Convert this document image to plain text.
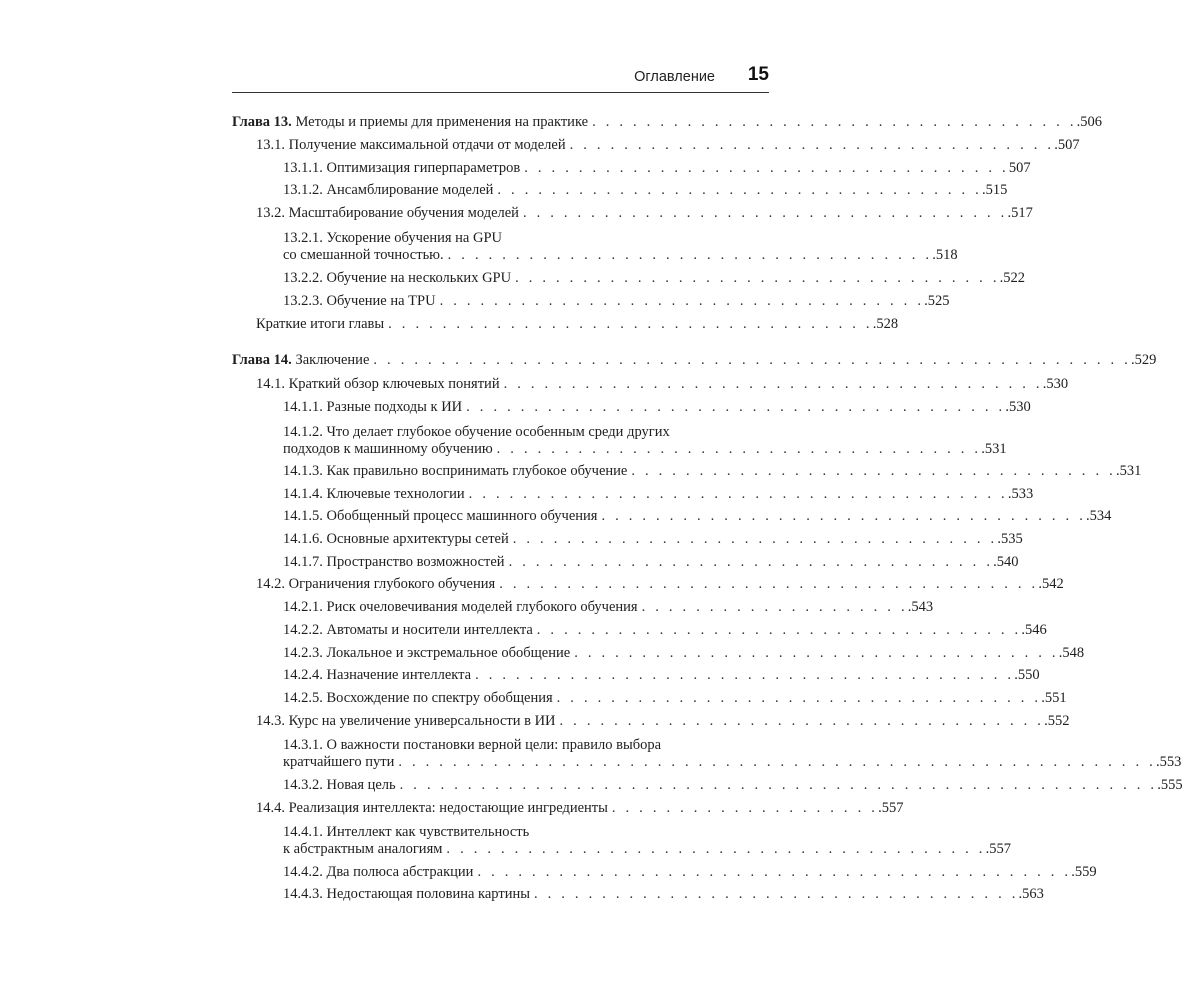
Оглавление 15
Глава 13. Методы и приемы для применения на практике . . . . . . . . . . . . . . . . . . . . . . . . . . . . . . . . . . . . .506
13.1. Получение максимальной отдачи от моделей . . . . . . . . . . . . . . . . . . . . . . . . . . . . . . . . . . . . .507
13.1.1. Оптимизация гиперпараметров . . . . . . . . . . . . . . . . . . . . . . . . . . . . . . . . . . . . 507
13.1.2. Ансамблирование моделей . . . . . . . . . . . . . . . . . . . . . . . . . . . . . . . . . . . . .515
13.2. Масштабирование обучения моделей . . . . . . . . . . . . . . . . . . . . . . . . . . . . . . . . . . . . .517
13.2.1. Ускорение обучения на GPU
со смешанной точностью. . . . . . . . . . . . . . . . . . . . . . . . . . . . . . . . . . . . . .518
13.2.2. Обучение на нескольких GPU . . . . . . . . . . . . . . . . . . . . . . . . . . . . . . . . . . . . .522
13.2.3. Обучение на TPU . . . . . . . . . . . . . . . . . . . . . . . . . . . . . . . . . . . . .525
Краткие итоги главы . . . . . . . . . . . . . . . . . . . . . . . . . . . . . . . . . . . . .528
Глава 14. Заключение . . . . . . . . . . . . . . . . . . . . . . . . . . . . . . . . . . . . . . . . . . . . . . . . . . . . . . . . .529
14.1. Краткий обзор ключевых понятий . . . . . . . . . . . . . . . . . . . . . . . . . . . . . . . . . . . . . . . . .530
14.1.1. Разные подходы к ИИ . . . . . . . . . . . . . . . . . . . . . . . . . . . . . . . . . . . . . . . . .530
14.1.2. Что делает глубокое обучение особенным среди других
подходов к машинному обучению . . . . . . . . . . . . . . . . . . . . . . . . . . . . . . . . . . . . .531
14.1.3. Как правильно воспринимать глубокое обучение . . . . . . . . . . . . . . . . . . . . . . . . . . . . . . . . . . . . .531
14.1.4. Ключевые технологии . . . . . . . . . . . . . . . . . . . . . . . . . . . . . . . . . . . . . . . . .533
14.1.5. Обобщенный процесс машинного обучения . . . . . . . . . . . . . . . . . . . . . . . . . . . . . . . . . . . . .534
14.1.6. Основные архитектуры сетей . . . . . . . . . . . . . . . . . . . . . . . . . . . . . . . . . . . . .535
14.1.7. Пространство возможностей . . . . . . . . . . . . . . . . . . . . . . . . . . . . . . . . . . . . .540
14.2. Ограничения глубокого обучения . . . . . . . . . . . . . . . . . . . . . . . . . . . . . . . . . . . . . . . . .542
14.2.1. Риск очеловечивания моделей глубокого обучения . . . . . . . . . . . . . . . . . . . . .543
14.2.2. Автоматы и носители интеллекта . . . . . . . . . . . . . . . . . . . . . . . . . . . . . . . . . . . . .546
14.2.3. Локальное и экстремальное обобщение . . . . . . . . . . . . . . . . . . . . . . . . . . . . . . . . . . . . .548
14.2.4. Назначение интеллекта . . . . . . . . . . . . . . . . . . . . . . . . . . . . . . . . . . . . . . . . .550
14.2.5. Восхождение по спектру обобщения . . . . . . . . . . . . . . . . . . . . . . . . . . . . . . . . . . . . .551
14.3. Курс на увеличение универсальности в ИИ . . . . . . . . . . . . . . . . . . . . . . . . . . . . . . . . . . . . .552
14.3.1. О важности постановки верной цели: правило выбора
кратчайшего пути . . . . . . . . . . . . . . . . . . . . . . . . . . . . . . . . . . . . . . . . . . . . . . . . . . . . . . . . .553
14.3.2. Новая цель . . . . . . . . . . . . . . . . . . . . . . . . . . . . . . . . . . . . . . . . . . . . . . . . . . . . . . . . .555
14.4. Реализация интеллекта: недостающие ингредиенты . . . . . . . . . . . . . . . . . . . . .557
14.4.1. Интеллект как чувствительность
к абстрактным аналогиям . . . . . . . . . . . . . . . . . . . . . . . . . . . . . . . . . . . . . . . . .557
14.4.2. Два полюса абстракции . . . . . . . . . . . . . . . . . . . . . . . . . . . . . . . . . . . . . . . . . . . . .559
14.4.3. Недостающая половина картины . . . . . . . . . . . . . . . . . . . . . . . . . . . . . . . . . . . . .563
